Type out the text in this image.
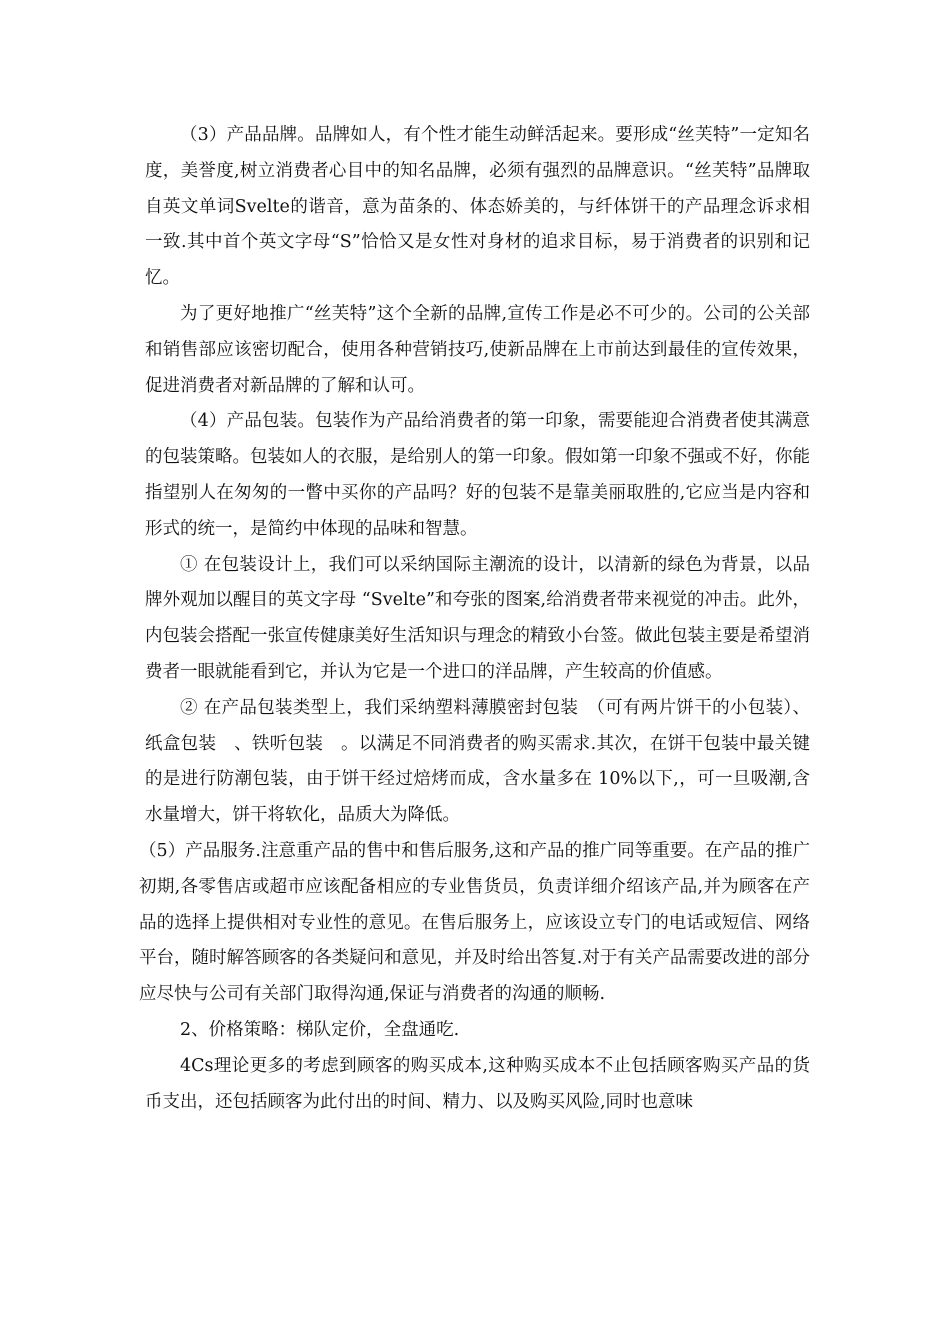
（3）产品品牌。品牌如人，有个性才能生动鲜活起来。要形成“丝芙特”一定知名度，美誉度,树立消费者心目中的知名品牌，必须有强烈的品牌意识。“丝芙特”品牌取自英文单词Svelte的谐音，意为苗条的、体态娇美的，与纤体饼干的产品理念诉求相一致.其中首个英文字母“S”恰恰又是女性对身材的追求目标，易于消费者的识别和记忆。

为了更好地推广“丝芙特”这个全新的品牌,宣传工作是必不可少的。公司的公关部和销售部应该密切配合，使用各种营销技巧,使新品牌在上市前达到最佳的宣传效果，促进消费者对新品牌的了解和认可。

（4）产品包装。包装作为产品给消费者的第一印象，需要能迎合消费者使其满意的包装策略。包装如人的衣服，是给别人的第一印象。假如第一印象不强或不好，你能指望别人在匆匆的一瞥中买你的产品吗？好的包装不是靠美丽取胜的,它应当是内容和形式的统一，是简约中体现的品味和智慧。

① 在包装设计上，我们可以采纳国际主潮流的设计，以清新的绿色为背景，以品牌外观加以醒目的英文字母 “Svelte”和夸张的图案,给消费者带来视觉的冲击。此外，内包装会搭配一张宣传健康美好生活知识与理念的精致小台签。做此包装主要是希望消费者一眼就能看到它，并认为它是一个进口的洋品牌，产生较高的价值感。

② 在产品包装类型上，我们采纳塑料薄膜密封包装　（可有两片饼干的小包装）、纸盒包装　、铁听包装　。以满足不同消费者的购买需求.其次，在饼干包装中最关键的是进行防潮包装，由于饼干经过焙烤而成，含水量多在 10%以下,，可一旦吸潮,含水量增大，饼干将软化，品质大为降低。

（5）产品服务.注意重产品的售中和售后服务,这和产品的推广同等重要。在产品的推广初期,各零售店或超市应该配备相应的专业售货员，负责详细介绍该产品,并为顾客在产品的选择上提供相对专业性的意见。在售后服务上，应该设立专门的电话或短信、网络平台，随时解答顾客的各类疑问和意见，并及时给出答复.对于有关产品需要改进的部分应尽快与公司有关部门取得沟通,保证与消费者的沟通的顺畅.

2、价格策略：梯队定价，全盘通吃.

4Cs理论更多的考虑到顾客的购买成本,这种购买成本不止包括顾客购买产品的货币支出，还包括顾客为此付出的时间、精力、以及购买风险,同时也意味
